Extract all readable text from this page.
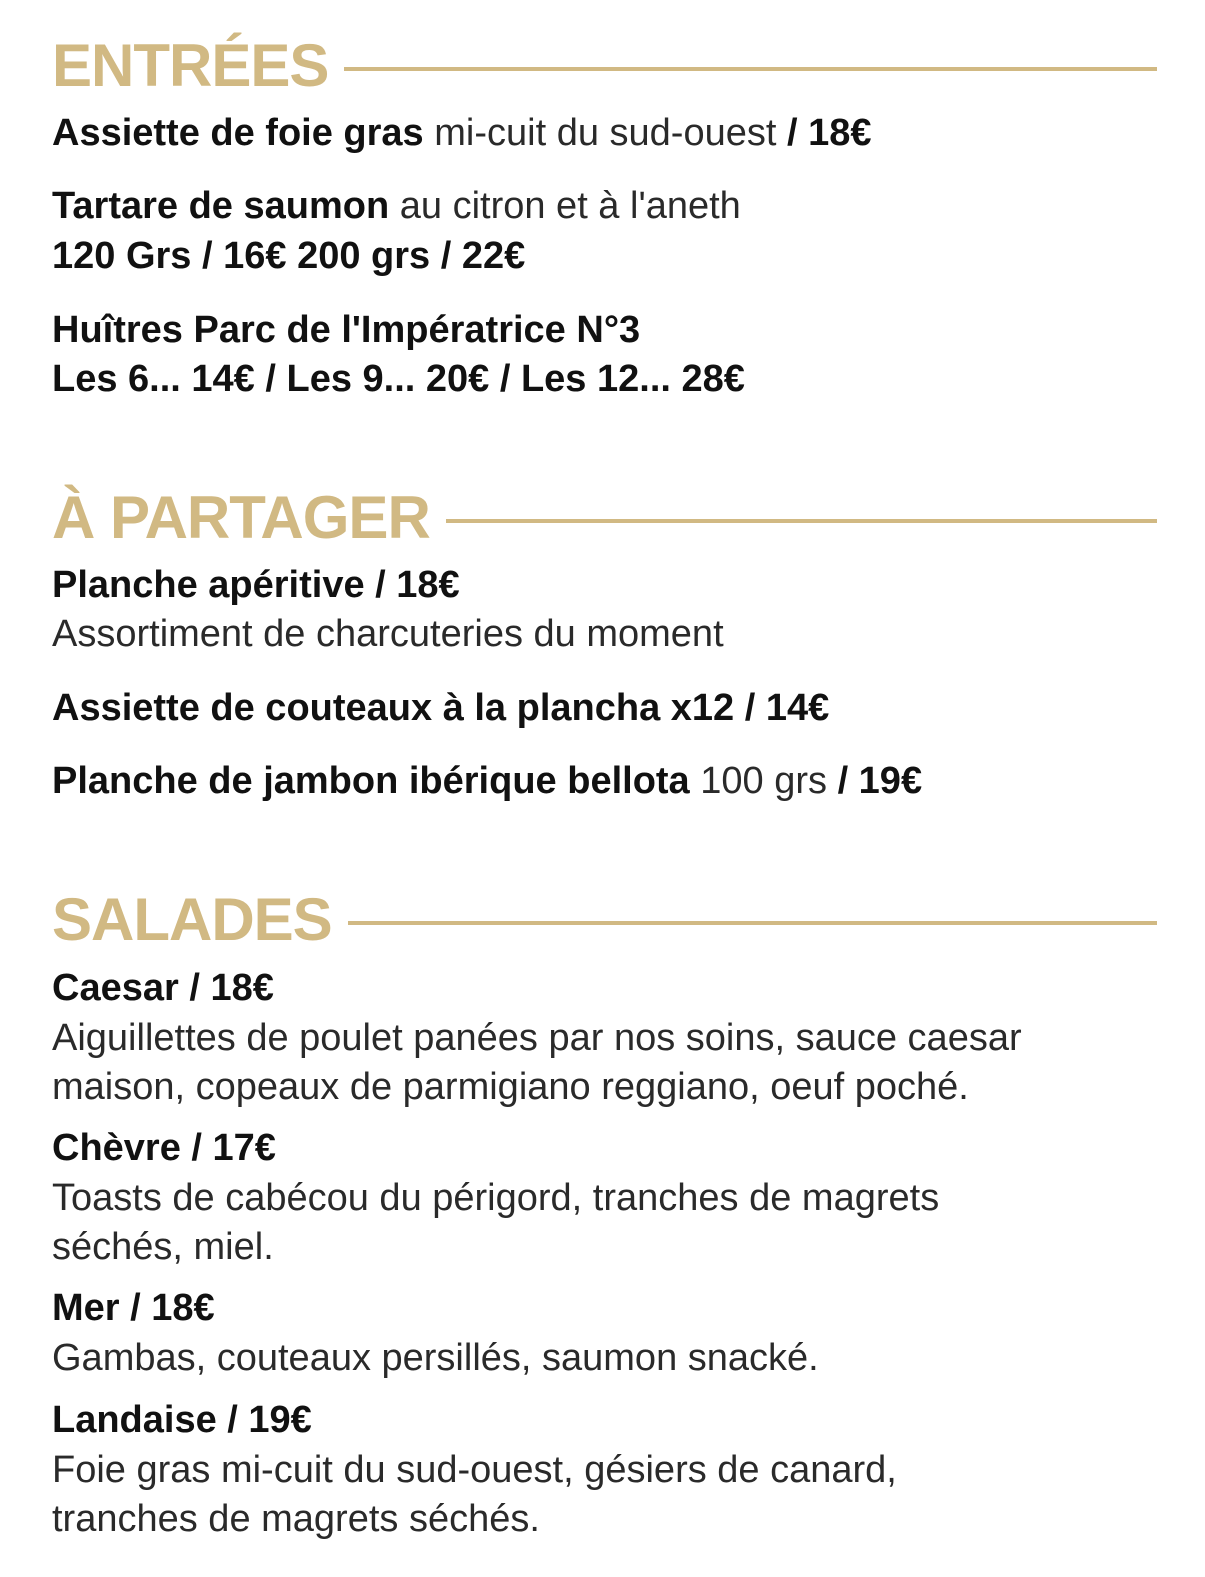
ENTRÉES
Assiette de foie gras mi-cuit du sud-ouest / 18€
Tartare de saumon au citron et à l'aneth
120 Grs / 16€ 200 grs / 22€
Huîtres Parc de l'Impératrice N°3
Les 6... 14€ / Les 9... 20€ / Les 12... 28€
À PARTAGER
Planche apéritive / 18€
Assortiment de charcuteries du moment
Assiette de couteaux à la plancha x12 / 14€
Planche de jambon ibérique bellota 100 grs / 19€
SALADES
Caesar / 18€
Aiguillettes de poulet panées par nos soins, sauce caesar
maison, copeaux de parmigiano reggiano, oeuf poché.
Chèvre / 17€
Toasts de cabécou du périgord, tranches de magrets
séchés, miel.
Mer / 18€
Gambas, couteaux persillés, saumon snacké.
Landaise / 19€
Foie gras mi-cuit du sud-ouest, gésiers de canard,
tranches de magrets séchés.
